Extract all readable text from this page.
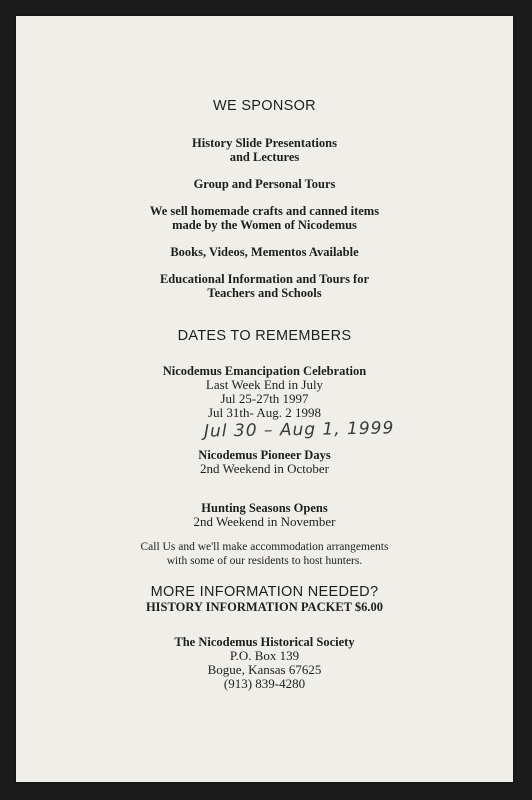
WE SPONSOR
History Slide Presentations
and Lectures
Group and Personal Tours
We sell homemade crafts and canned items
made by the Women of Nicodemus
Books, Videos, Mementos Available
Educational Information and Tours for
Teachers and Schools
DATES TO REMEMBERS
Nicodemus Emancipation Celebration
Last Week End in July
Jul 25-27th 1997
Jul 31th- Aug. 2 1998
Jul 30 – Aug 1, 1999
Nicodemus Pioneer Days
2nd Weekend in October
Hunting Seasons Opens
2nd Weekend in November
Call Us and we'll make accommodation arrangements
with some of our residents to host hunters.
MORE INFORMATION NEEDED?
HISTORY INFORMATION PACKET $6.00
The Nicodemus Historical Society
P.O. Box 139
Bogue, Kansas 67625
(913) 839-4280
